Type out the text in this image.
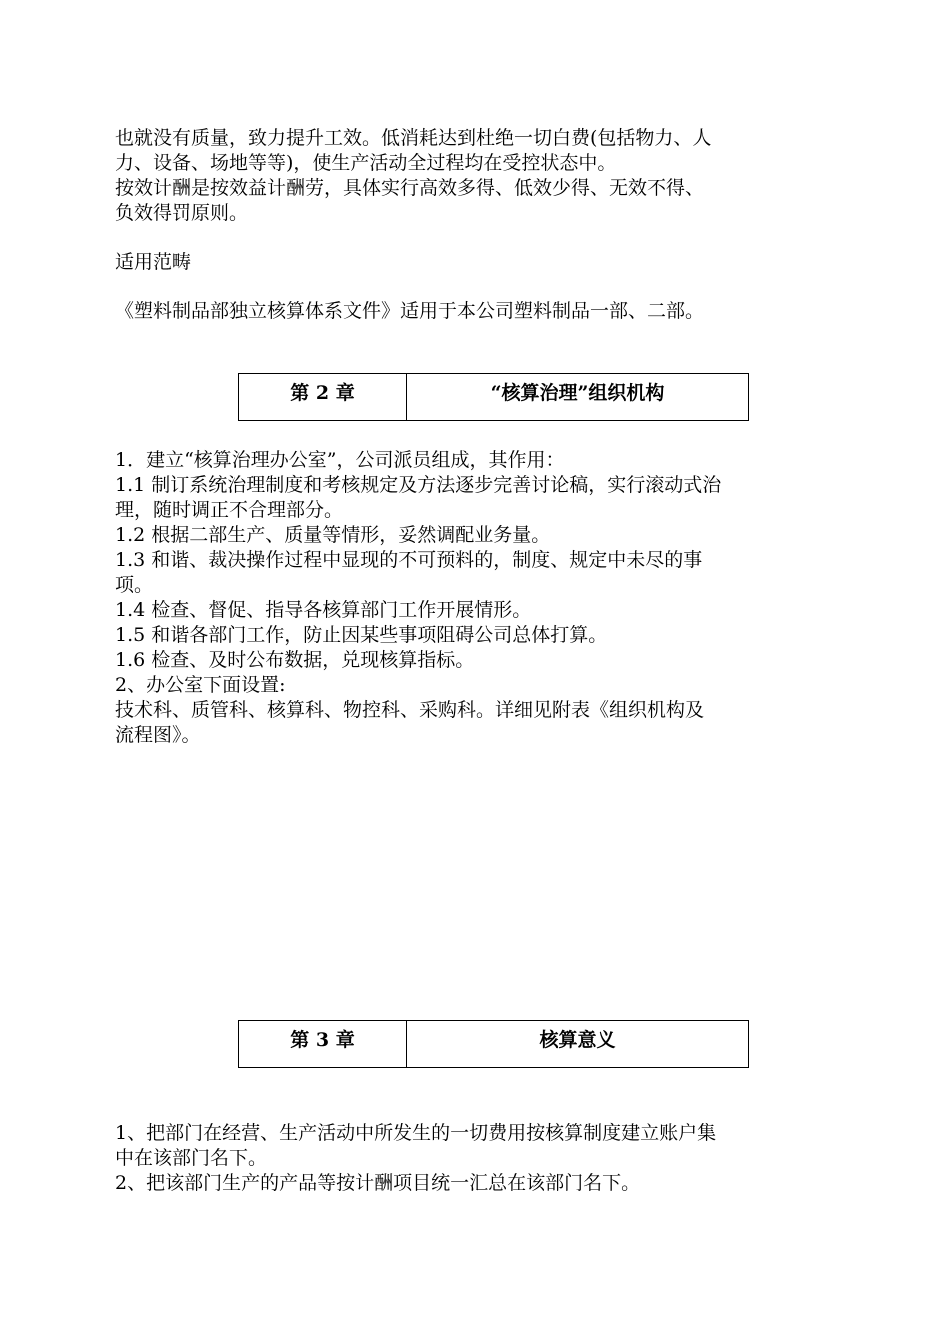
也就没有质量，致力提升工效。低消耗达到杜绝一切白费(包括物力、人
力、设备、场地等等)，使生产活动全过程均在受控状态中。
按效计酬是按效益计酬劳，具体实行高效多得、低效少得、无效不得、
负效得罚原则。
适用范畴
《塑料制品部独立核算体系文件》适用于本公司塑料制品一部、二部。
第 2 章	“核算治理”组织机构
1．建立“核算治理办公室”，公司派员组成，其作用：
1.1 制订系统治理制度和考核规定及方法逐步完善讨论稿，实行滚动式治
理，随时调正不合理部分。
1.2 根据二部生产、质量等情形，妥然调配业务量。
1.3 和谐、裁决操作过程中显现的不可预料的，制度、规定中未尽的事
项。
1.4 检查、督促、指导各核算部门工作开展情形。
1.5 和谐各部门工作，防止因某些事项阻碍公司总体打算。
1.6 检查、及时公布数据，兑现核算指标。
2、办公室下面设置:
技术科、质管科、核算科、物控科、采购科。详细见附表《组织机构及
流程图》。
第 3 章	核算意义
1、把部门在经营、生产活动中所发生的一切费用按核算制度建立账户集
中在该部门名下。
2、把该部门生产的产品等按计酬项目统一汇总在该部门名下。
